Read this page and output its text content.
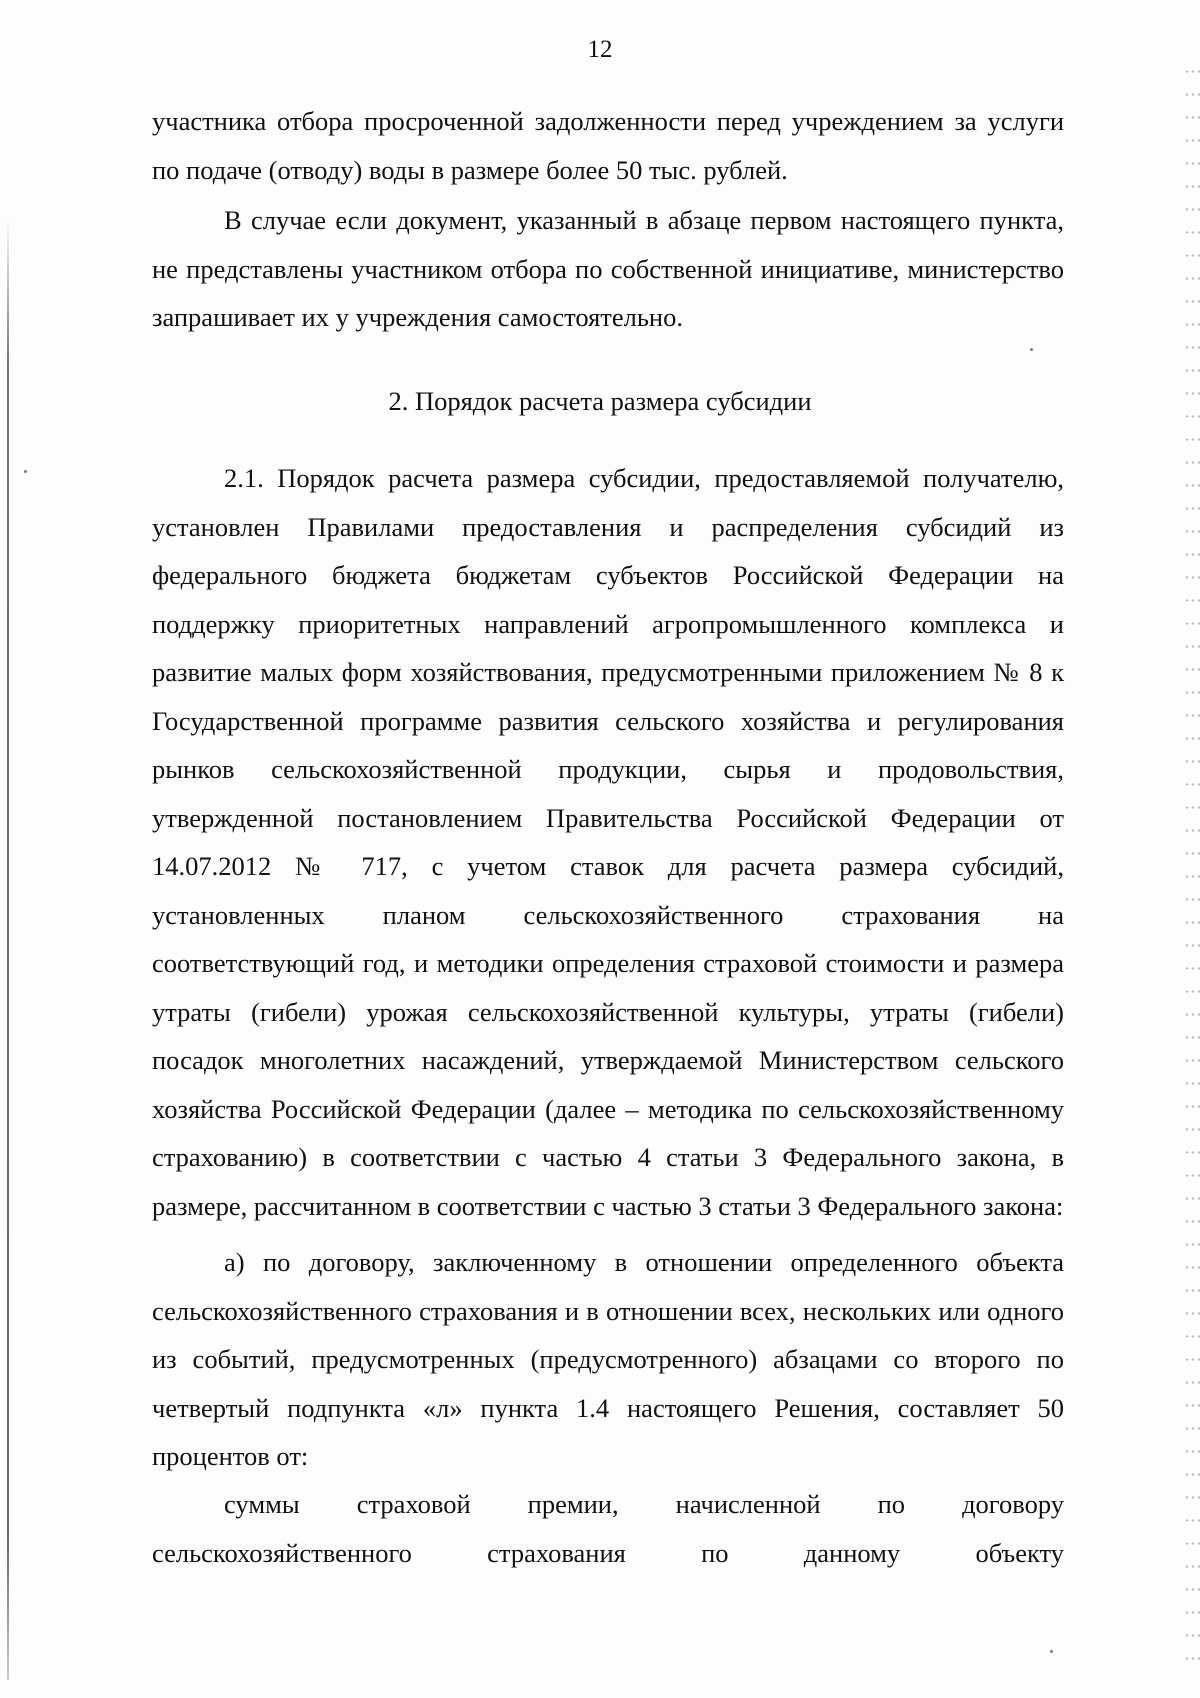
12

участника отбора просроченной задолженности перед учреждением за услуги по подаче (отводу) воды в размере более 50 тыс. рублей.

В случае если документ, указанный в абзаце первом настоящего пункта, не представлены участником отбора по собственной инициативе, министерство запрашивает их у учреждения самостоятельно.

2. Порядок расчета размера субсидии

2.1. Порядок расчета размера субсидии, предоставляемой получателю, установлен Правилами предоставления и распределения субсидий из федерального бюджета бюджетам субъектов Российской Федерации на поддержку приоритетных направлений агропромышленного комплекса и развитие малых форм хозяйствования, предусмотренными приложением № 8 к Государственной программе развития сельского хозяйства и регулирования рынков сельскохозяйственной продукции, сырья и продовольствия, утвержденной постановлением Правительства Российской Федерации от 14.07.2012 № 717, с учетом ставок для расчета размера субсидий, установленных планом сельскохозяйственного страхования на соответствующий год, и методики определения страховой стоимости и размера утраты (гибели) урожая сельскохозяйственной культуры, утраты (гибели) посадок многолетних насаждений, утверждаемой Министерством сельского хозяйства Российской Федерации (далее – методика по сельскохозяйственному страхованию) в соответствии с частью 4 статьи 3 Федерального закона, в размере, рассчитанном в соответствии с частью 3 статьи 3 Федерального закона:

а) по договору, заключенному в отношении определенного объекта сельскохозяйственного страхования и в отношении всех, нескольких или одного из событий, предусмотренных (предусмотренного) абзацами со второго по четвертый подпункта «л» пункта 1.4 настоящего Решения, составляет 50 процентов от:

суммы страховой премии, начисленной по договору сельскохозяйственного страхования по данному объекту
